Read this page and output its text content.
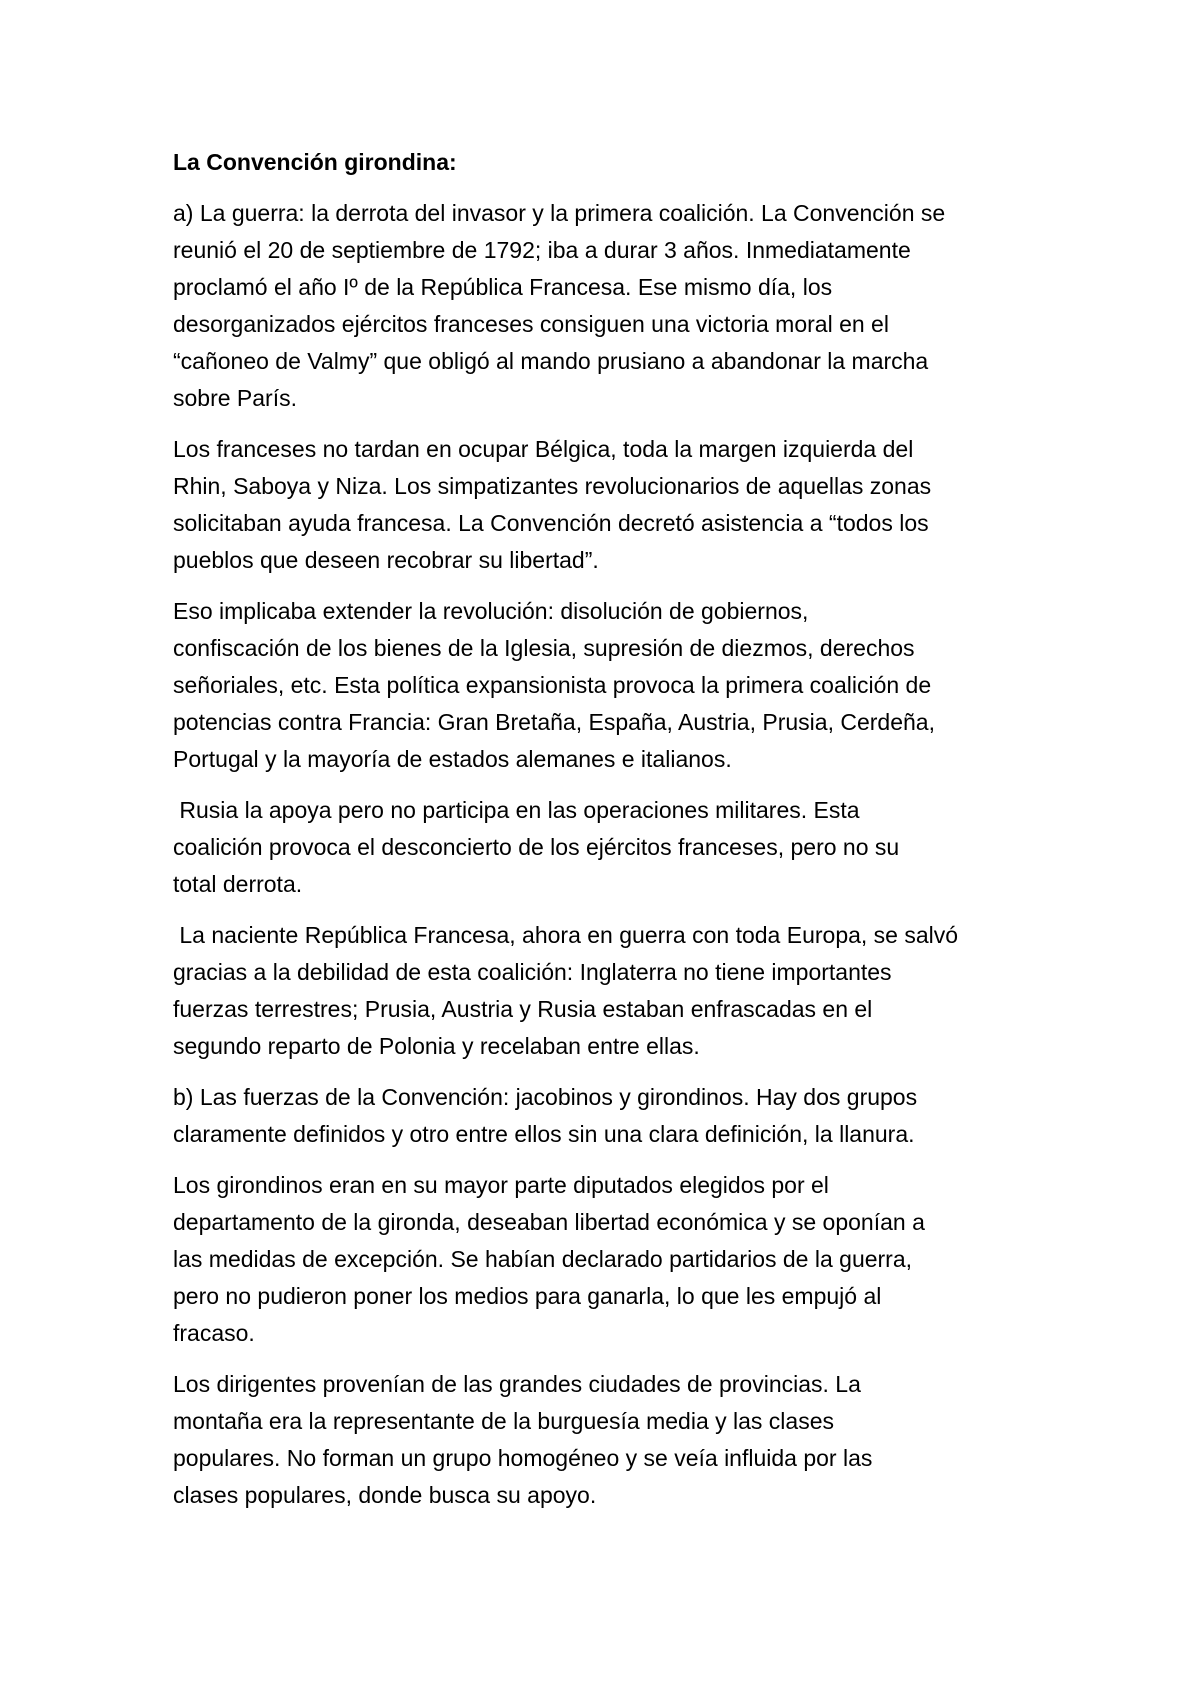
La Convención girondina:
a) La guerra: la derrota del invasor y la primera coalición. La Convención se
reunió el 20 de septiembre de 1792; iba a durar 3 años. Inmediatamente
proclamó el año Iº de la República Francesa. Ese mismo día, los
desorganizados ejércitos franceses consiguen una victoria moral en el
“cañoneo de Valmy” que obligó al mando prusiano a abandonar la marcha
sobre París.
Los franceses no tardan en ocupar Bélgica, toda la margen izquierda del
Rhin, Saboya y Niza. Los simpatizantes revolucionarios de aquellas zonas
solicitaban ayuda francesa. La Convención decretó asistencia a “todos los
pueblos que deseen recobrar su libertad”.
Eso implicaba extender la revolución: disolución de gobiernos,
confiscación de los bienes de la Iglesia, supresión de diezmos, derechos
señoriales, etc. Esta política expansionista provoca la primera coalición de
potencias contra Francia: Gran Bretaña, España, Austria, Prusia, Cerdeña,
Portugal y la mayoría de estados alemanes e italianos.
Rusia la apoya pero no participa en las operaciones militares. Esta
coalición provoca el desconcierto de los ejércitos franceses, pero no su
total derrota.
La naciente República Francesa, ahora en guerra con toda Europa, se salvó
gracias a la debilidad de esta coalición: Inglaterra no tiene importantes
fuerzas terrestres; Prusia, Austria y Rusia estaban enfrascadas en el
segundo reparto de Polonia y recelaban entre ellas.
b) Las fuerzas de la Convención: jacobinos y girondinos. Hay dos grupos
claramente definidos y otro entre ellos sin una clara definición, la llanura.
Los girondinos eran en su mayor parte diputados elegidos por el
departamento de la gironda, deseaban libertad económica y se oponían a
las medidas de excepción. Se habían declarado partidarios de la guerra,
pero no pudieron poner los medios para ganarla, lo que les empujó al
fracaso.
Los dirigentes provenían de las grandes ciudades de provincias. La
montaña era la representante de la burguesía media y las clases
populares. No forman un grupo homogéneo y se veía influida por las
clases populares, donde busca su apoyo.
